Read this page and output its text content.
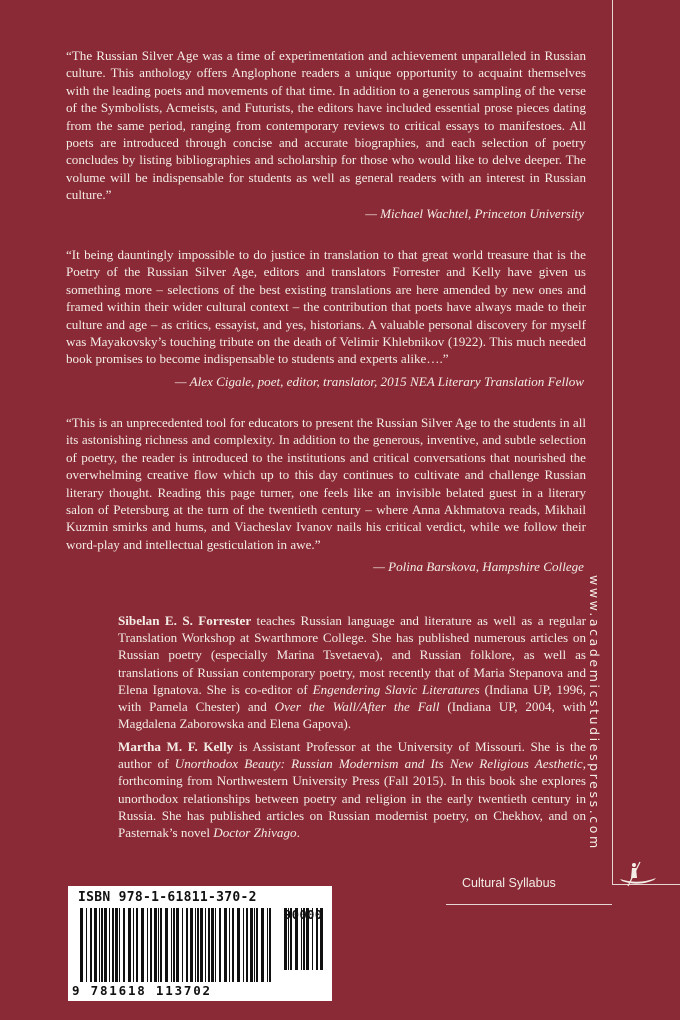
“The Russian Silver Age was a time of experimentation and achievement unparalleled in Russian culture. This anthology offers Anglophone readers a unique opportunity to acquaint themselves with the leading poets and movements of that time. In addition to a generous sampling of the verse of the Symbolists, Acmeists, and Futurists, the editors have included essential prose pieces dating from the same period, ranging from contemporary reviews to critical essays to manifestoes. All poets are introduced through concise and accurate biographies, and each selection of poetry concludes by listing bibliographies and scholarship for those who would like to delve deeper. The volume will be indispensable for students as well as general readers with an interest in Russian culture.”

— Michael Wachtel, Princeton University

“It being dauntingly impossible to do justice in translation to that great world treasure that is the Poetry of the Russian Silver Age, editors and translators Forrester and Kelly have given us something more – selections of the best existing translations are here amended by new ones and framed within their wider cultural context – the contribution that poets have always made to their culture and age – as critics, essayist, and yes, historians. A valuable personal discovery for myself was Mayakovsky’s touching tribute on the death of Velimir Khlebnikov (1922). This much needed book promises to become indispensable to students and experts alike….”

— Alex Cigale, poet, editor, translator, 2015 NEA Literary Translation Fellow

“This is an unprecedented tool for educators to present the Russian Silver Age to the students in all its astonishing richness and complexity. In addition to the generous, inventive, and subtle selection of poetry, the reader is introduced to the institutions and critical conversations that nourished the overwhelming creative flow which up to this day continues to cultivate and challenge Russian literary thought. Reading this page turner, one feels like an invisible belated guest in a literary salon of Petersburg at the turn of the twentieth century – where Anna Akhmatova reads, Mikhail Kuzmin smirks and hums, and Viacheslav Ivanov nails his critical verdict, while we follow their word-play and intellectual gesticulation in awe.”

— Polina Barskova, Hampshire College
Sibelan E. S. Forrester teaches Russian language and literature as well as a regular Translation Workshop at Swarthmore College. She has published numerous articles on Russian poetry (especially Marina Tsvetaeva), and Russian folklore, as well as translations of Russian contemporary poetry, most recently that of Maria Stepanova and Elena Ignatova. She is co-editor of Engendering Slavic Literatures (Indiana UP, 1996, with Pamela Chester) and Over the Wall/After the Fall (Indiana UP, 2004, with Magdalena Zaborowska and Elena Gapova).
Martha M. F. Kelly is Assistant Professor at the University of Missouri. She is the author of Unorthodox Beauty: Russian Modernism and Its New Religious Aesthetic, forthcoming from Northwestern University Press (Fall 2015). In this book she explores unorthodox relationships between poetry and religion in the early twentieth century in Russia. She has published articles on Russian modernist poetry, on Chekhov, and on Pasternak’s novel Doctor Zhivago.	www.academicstudiespress.com
Cultural Syllabus
ISBN 978-1-61811-370-2
9 781618 113702
